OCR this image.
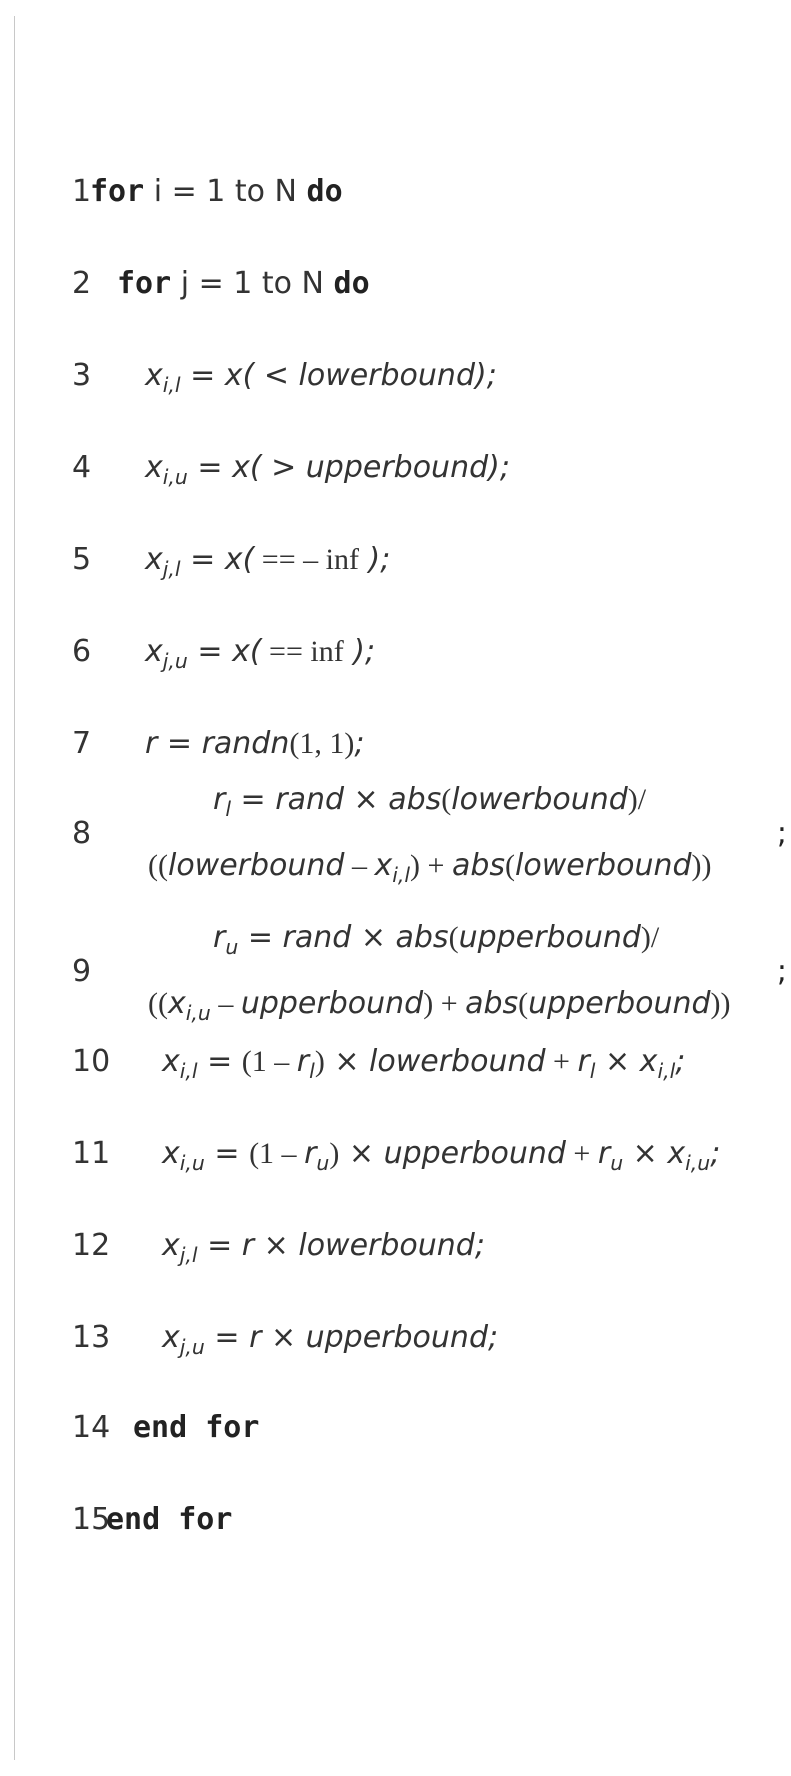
1
for i = 1 to N do
2 for j = 1 to N do
3 $x_{i,l} = x$( < lowerbound);
4 $x_{i,u} = x$( > upperbound);
5 $x_{j,l} = x$( == – inf );
6 $x_{j,u} = x$( == inf );
7 r = randn(1, 1);
8
$r_l$ = rand × abs(lowerbound)/
((lowerbound – $x_{i,l}$) + abs(lowerbound))
;
9
$r_u$ = rand × abs(upperbound)/
(($x_{i,u}$ – upperbound) + abs(upperbound))
;
10 $x_{i,l} = (1 - r_l)$ × lowerbound + $r_l \times x_{i,l}$;
11 $x_{i,u} = (1 - r_u)$ × upperbound + $r_u \times x_{i,u}$;
12 $x_{j,l} = r$ × lowerbound;
13 $x_{j,u} = r$ × upperbound;
14 end for
15
end for
